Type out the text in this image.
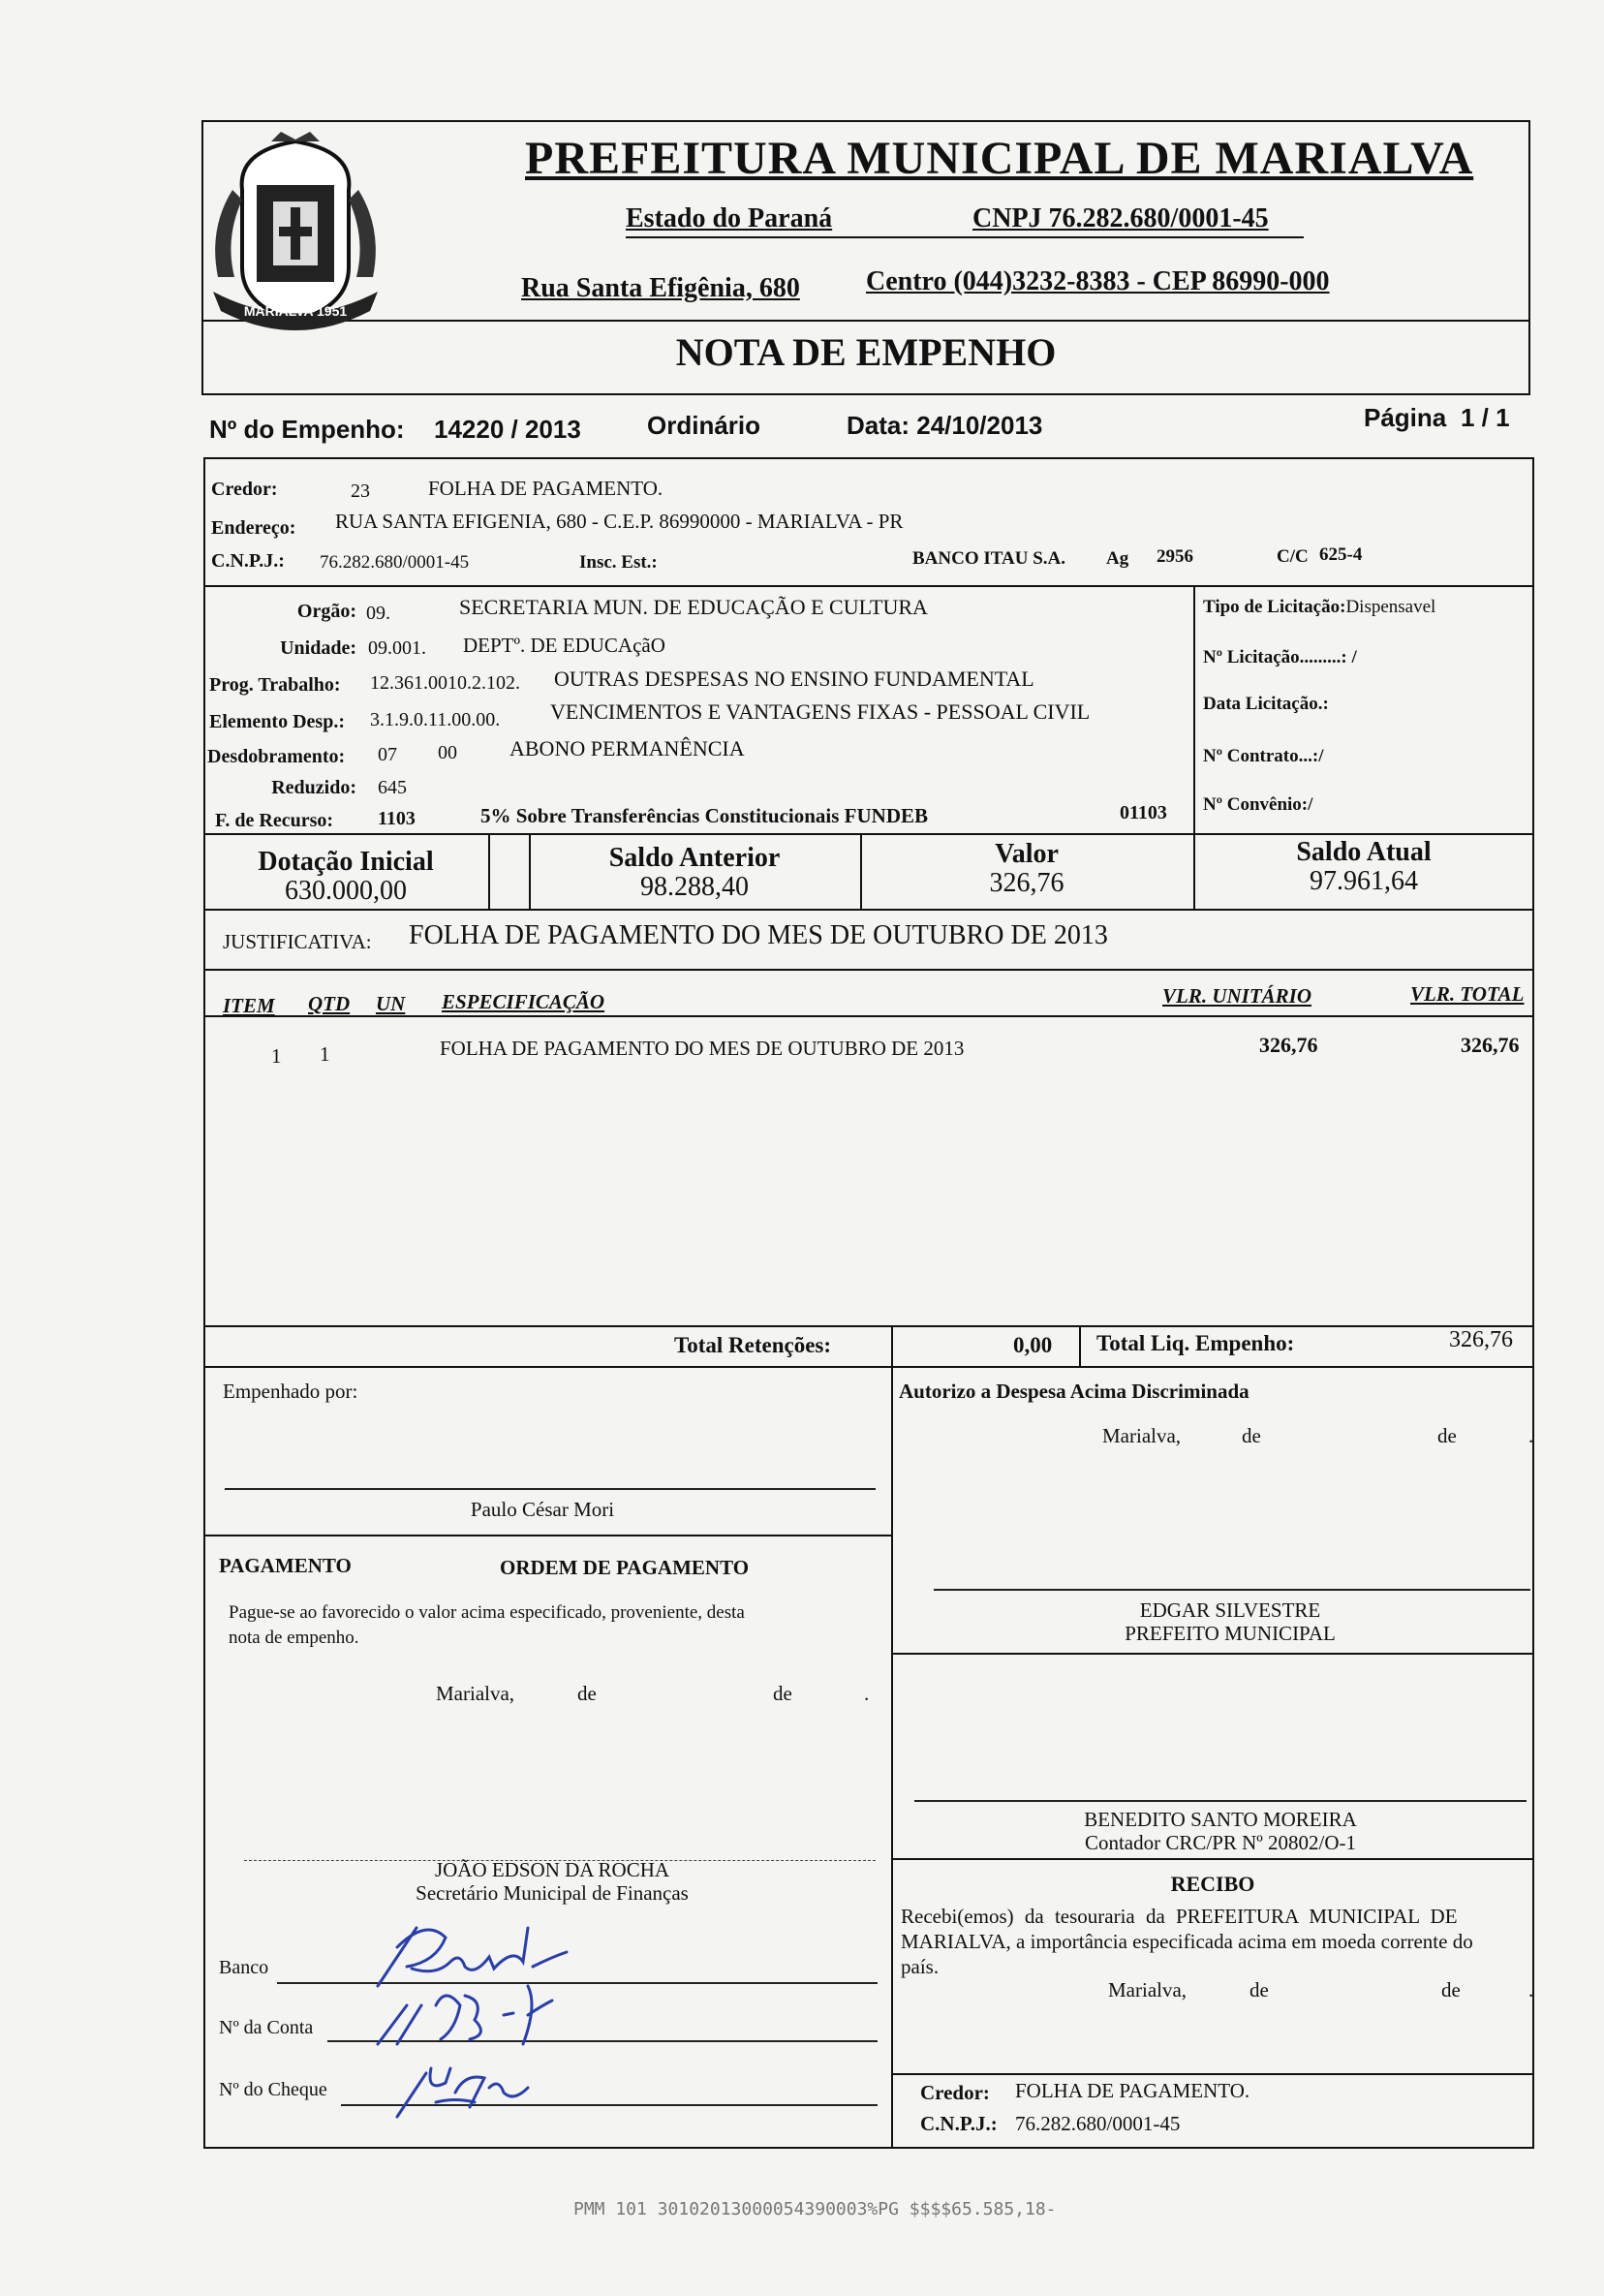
MARIALVA 1951
PREFEITURA MUNICIPAL DE MARIALVA
Estado do Paraná	CNPJ 76.282.680/0001-45
Rua Santa Efigênia, 680 Centro (044)3232-8383 - CEP 86990-000
NOTA DE EMPENHO
Nº do Empenho: 14220 / 2013	Ordinário	Data: 24/10/2013	Página 1 / 1
Credor:	23	FOLHA DE PAGAMENTO.
Endereço: RUA SANTA EFIGENIA, 680 - C.E.P. 86990000 - MARIALVA - PR
C.N.P.J.: 76.282.680/0001-45	Insc. Est.:	BANCO ITAU S.A. Ag 2956	C/C 625-4
Orgão: 09.	SECRETARIA MUN. DE EDUCAÇÃO E CULTURA
Unidade: 09.001. DEPTº. DE EDUCAçãO
Prog. Trabalho: 12.361.0010.2.102. OUTRAS DESPESAS NO ENSINO FUNDAMENTAL
Elemento Desp.: 3.1.9.0.11.00.00. VENCIMENTOS E VANTAGENS FIXAS - PESSOAL CIVIL
Desdobramento: 07 00 ABONO PERMANÊNCIA
Reduzido: 645
F. de Recurso: 1103	5% Sobre Transferências Constitucionais FUNDEB	01103
Tipo de Licitação:Dispensavel
Nº Licitação.........: /
Data Licitação.:
Nº Contrato...:/
Nº Convênio:/
Dotação Inicial
630.000,00
Saldo Anterior
98.288,40
Valor
326,76
Saldo Atual
97.961,64
JUSTIFICATIVA: FOLHA DE PAGAMENTO DO MES DE OUTUBRO DE 2013
ITEM QTD UN ESPECIFICAÇÃO	VLR. UNITÁRIO	VLR. TOTAL
1 1	FOLHA DE PAGAMENTO DO MES DE OUTUBRO DE 2013	326,76	326,76
Total Retenções:	0,00 Total Liq. Empenho:	326,76
Empenhado por:
Paulo César Mori
PAGAMENTO	ORDEM DE PAGAMENTO
Pague-se ao favorecido o valor acima especificado, proveniente, desta
nota de empenho.
Marialva,	de	de	.
JOÃO EDSON DA ROCHA
Secretário Municipal de Finanças
Banco
Nº da Conta
Nº do Cheque
Autorizo a Despesa Acima Discriminada
Marialva,	de	de	.
EDGAR SILVESTRE
PREFEITO MUNICIPAL
BENEDITO SANTO MOREIRA
Contador CRC/PR Nº 20802/O-1
RECIBO
Recebi(emos) da tesouraria da PREFEITURA MUNICIPAL DE
MARIALVA, a importância especificada acima em moeda corrente do
país.
Marialva,	de	de	.
Credor: FOLHA DE PAGAMENTO.
C.N.P.J.: 76.282.680/0001-45
PMM 101 30102013000054390003%PG $$$$65.585,18-
